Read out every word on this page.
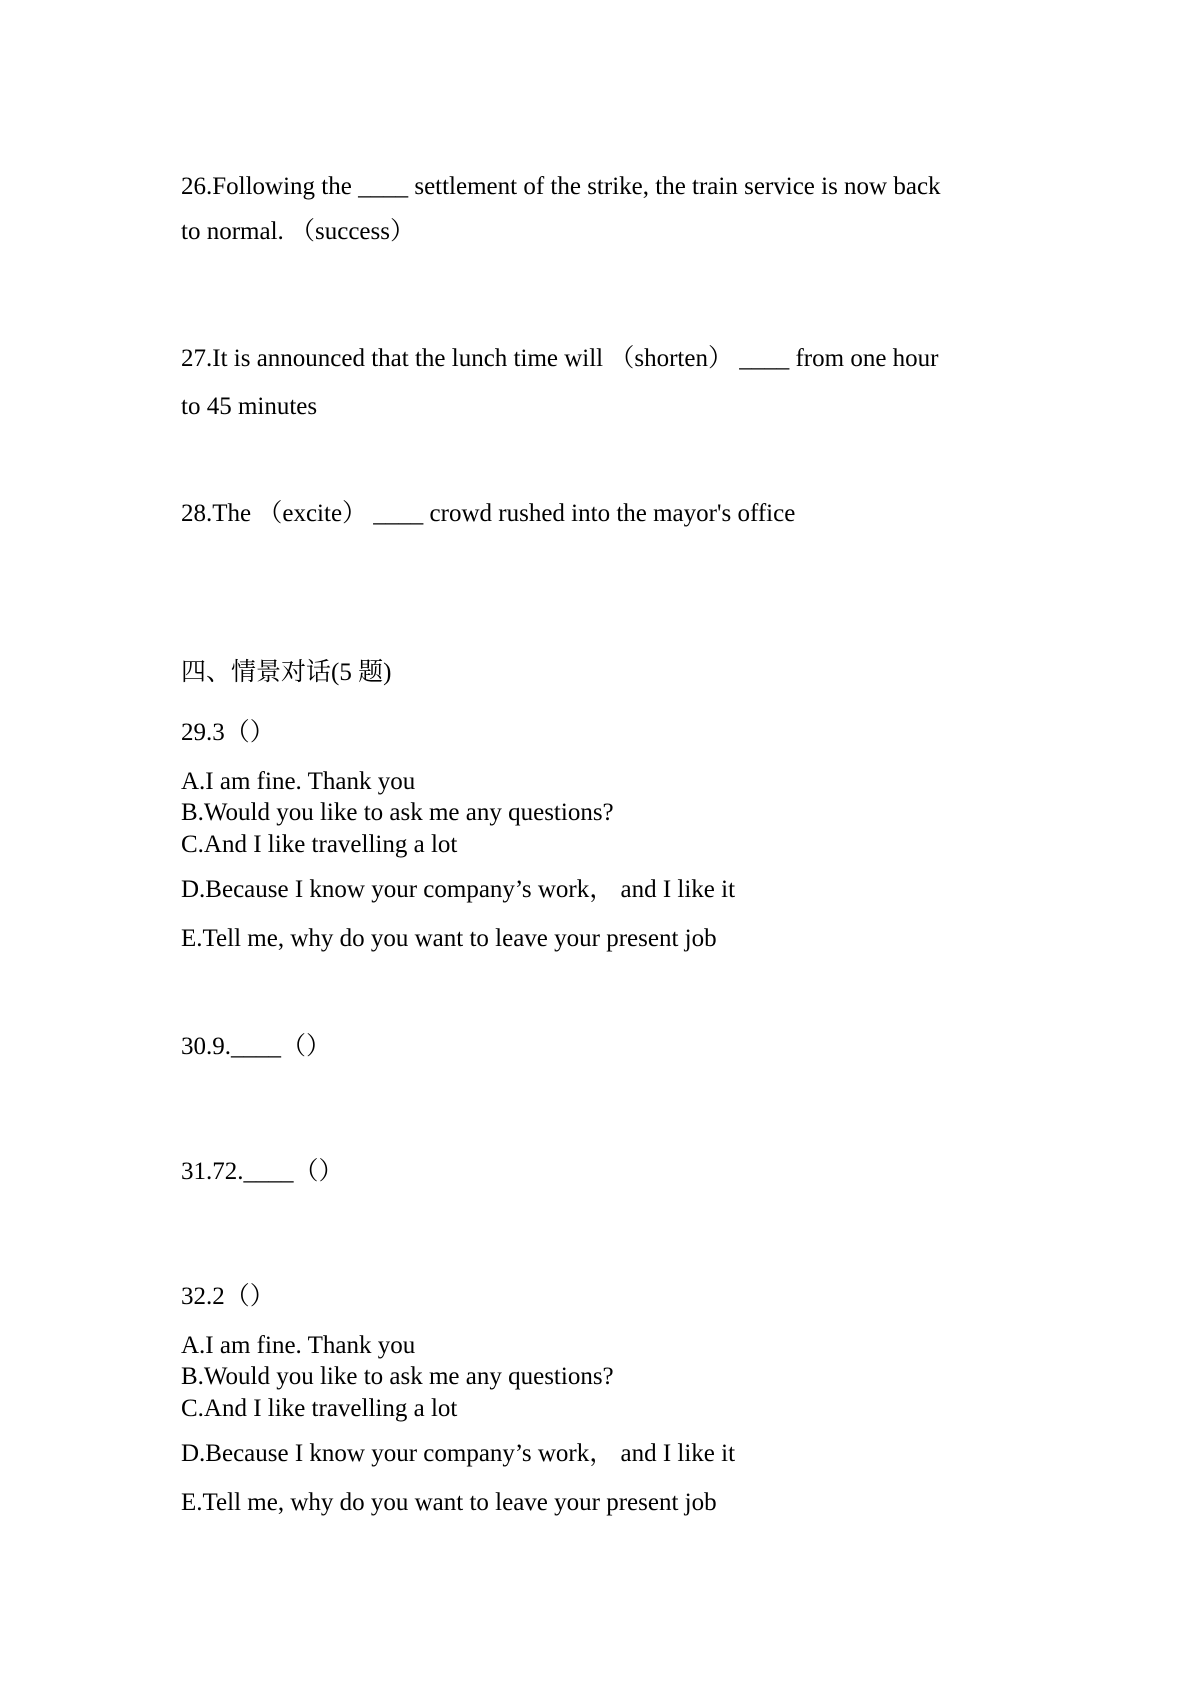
26.Following the ____ settlement of the strike, the train service is now back
to normal. （success）
27.It is announced that the lunch time will （shorten） ____ from one hour
to 45 minutes
28.The （excite） ____ crowd rushed into the mayor's office
四、情景对话(5 题)
29.3（）
A.I am fine. Thank you
B.Would you like to ask me any questions?
C.And I like travelling a lot
D.Because I know your company’s work， and I like it
E.Tell me, why do you want to leave your present job
30.9.____（）
31.72.____（）
32.2（）
A.I am fine. Thank you
B.Would you like to ask me any questions?
C.And I like travelling a lot
D.Because I know your company’s work， and I like it
E.Tell me, why do you want to leave your present job
